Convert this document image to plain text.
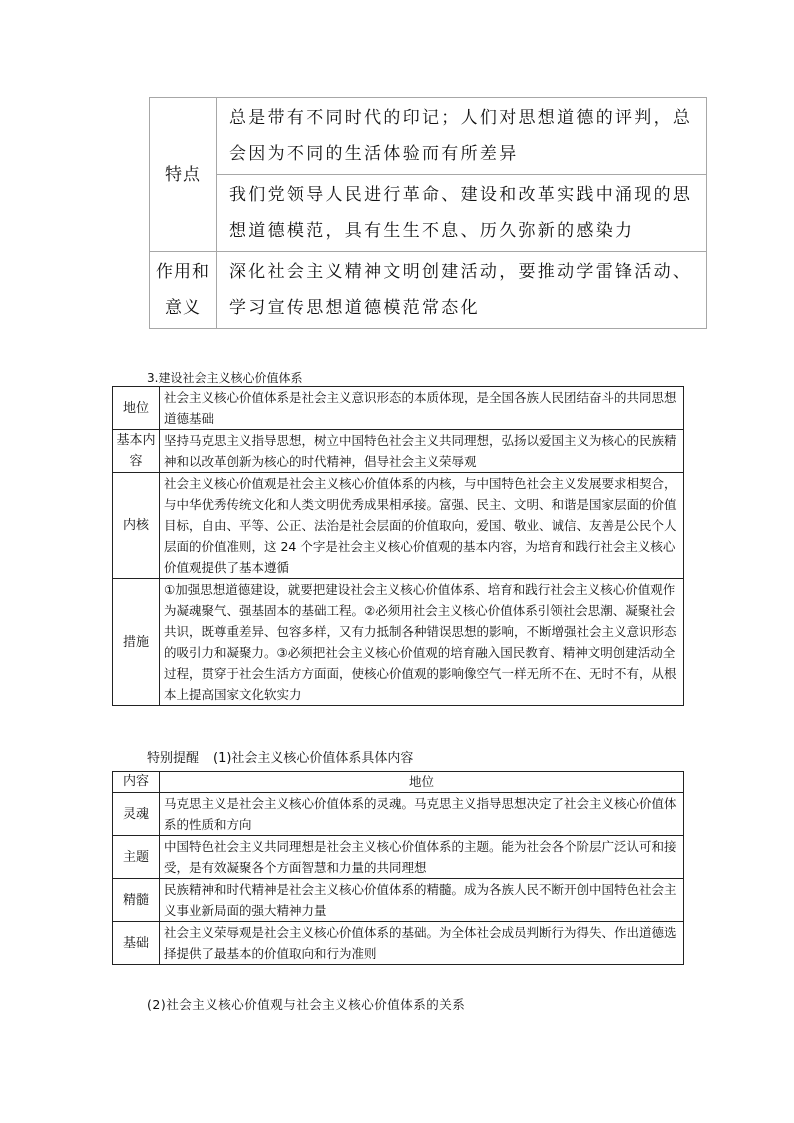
特点	总是带有不同时代的印记；人们对思想道德的评判，总会因为不同的生活体验而有所差异
	我们党领导人民进行革命、建设和改革实践中涌现的思想道德模范，具有生生不息、历久弥新的感染力
作用和意义	深化社会主义精神文明创建活动，要推动学雷锋活动、学习宣传思想道德模范常态化
3.建设社会主义核心价值体系
地位	社会主义核心价值体系是社会主义意识形态的本质体现，是全国各族人民团结奋斗的共同思想道德基础
基本内容	坚持马克思主义指导思想，树立中国特色社会主义共同理想，弘扬以爱国主义为核心的民族精神和以改革创新为核心的时代精神，倡导社会主义荣辱观
内核	社会主义核心价值观是社会主义核心价值体系的内核，与中国特色社会主义发展要求相契合，与中华优秀传统文化和人类文明优秀成果相承接。富强、民主、文明、和谐是国家层面的价值目标，自由、平等、公正、法治是社会层面的价值取向，爱国、敬业、诚信、友善是公民个人层面的价值准则，这 24 个字是社会主义核心价值观的基本内容，为培育和践行社会主义核心价值观提供了基本遵循
措施	①加强思想道德建设，就要把建设社会主义核心价值体系、培育和践行社会主义核心价值观作为凝魂聚气、强基固本的基础工程。②必须用社会主义核心价值体系引领社会思潮、凝聚社会共识，既尊重差异、包容多样，又有力抵制各种错误思想的影响，不断增强社会主义意识形态的吸引力和凝聚力。③必须把社会主义核心价值观的培育融入国民教育、精神文明创建活动全过程，贯穿于社会生活方方面面，使核心价值观的影响像空气一样无所不在、无时不有，从根本上提高国家文化软实力
特别提醒 (1)社会主义核心价值体系具体内容
内容	地位
灵魂	马克思主义是社会主义核心价值体系的灵魂。马克思主义指导思想决定了社会主义核心价值体系的性质和方向
主题	中国特色社会主义共同理想是社会主义核心价值体系的主题。能为社会各个阶层广泛认可和接受，是有效凝聚各个方面智慧和力量的共同理想
精髓	民族精神和时代精神是社会主义核心价值体系的精髓。成为各族人民不断开创中国特色社会主义事业新局面的强大精神力量
基础	社会主义荣辱观是社会主义核心价值体系的基础。为全体社会成员判断行为得失、作出道德选择提供了最基本的价值取向和行为准则
(2)社会主义核心价值观与社会主义核心价值体系的关系
